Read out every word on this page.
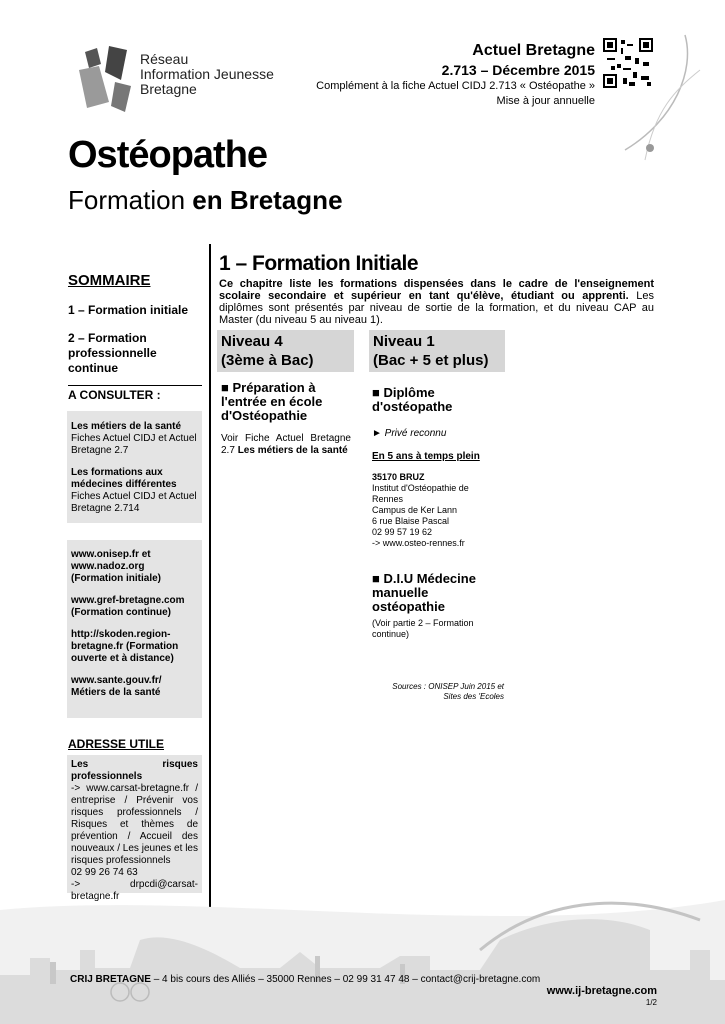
Réseau
Information Jeunesse
Bretagne
Actuel Bretagne
2.713 – Décembre 2015
Complément à la fiche Actuel CIDJ 2.713 « Ostéopathe »
Mise à jour annuelle
Ostéopathe
Formation en Bretagne
SOMMAIRE
1 – Formation initiale
2 – Formation professionnelle continue
A CONSULTER :

Les métiers de la santé
Fiches Actuel CIDJ et Actuel Bretagne 2.7

Les formations aux médecines différentes
Fiches Actuel CIDJ et Actuel Bretagne 2.714

www.onisep.fr et www.nadoz.org (Formation initiale)

www.gref-bretagne.com (Formation continue)

http://skoden.region-bretagne.fr (Formation ouverte et à distance)

www.sante.gouv.fr/ Métiers de la santé

ADRESSE UTILE
Les risques professionnels
-> www.carsat-bretagne.fr / entreprise / Prévenir vos risques professionnels / Risques et thèmes de prévention / Accueil des nouveaux / Les jeunes et les risques professionnels
02 99 26 74 63
-> drpcdi@carsat-bretagne.fr
1 – Formation Initiale
Ce chapitre liste les formations dispensées dans le cadre de l'enseignement scolaire secondaire et supérieur en tant qu'élève, étudiant ou apprenti. Les diplômes sont présentés par niveau de sortie de la formation, et du niveau CAP au Master (du niveau 5 au niveau 1).
Niveau 4
(3ème à Bac)
■ Préparation à l'entrée en école d'Ostéopathie
Voir Fiche Actuel Bretagne 2.7 Les métiers de la santé
Niveau 1
(Bac + 5 et plus)
■ Diplôme d'ostéopathe
► Privé reconnu
En 5 ans à temps plein
35170 BRUZ
Institut d'Ostéopathie de Rennes
Campus de Ker Lann
6 rue Blaise Pascal
02 99 57 19 62
-> www.osteo-rennes.fr
■ D.I.U Médecine manuelle ostéopathie
(Voir partie 2 – Formation continue)
Sources : ONISEP Juin 2015 et
Sites des 'Ecoles
CRIJ BRETAGNE – 4 bis cours des Alliés – 35000 Rennes – 02 99 31 47 48 – contact@crij-bretagne.com
www.ij-bretagne.com
1/2
